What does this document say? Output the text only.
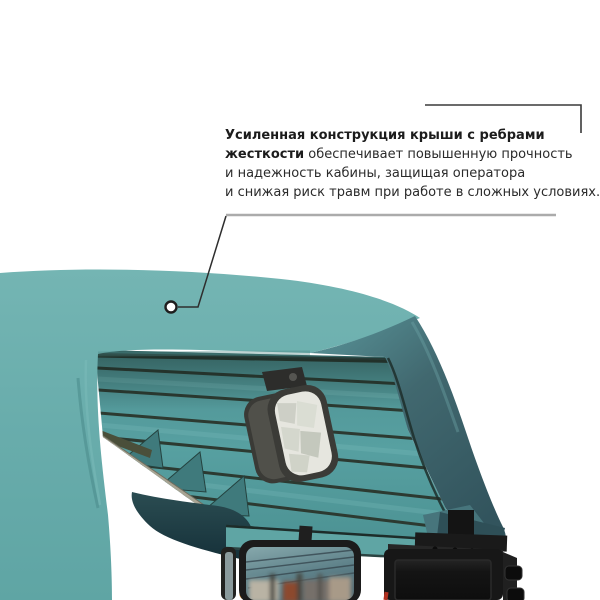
Усиленная конструкция крыши с ребрами
жесткости обеспечивает повышенную прочность
и надежность кабины, защищая оператора
и снижая риск травм при работе в сложных условиях.
